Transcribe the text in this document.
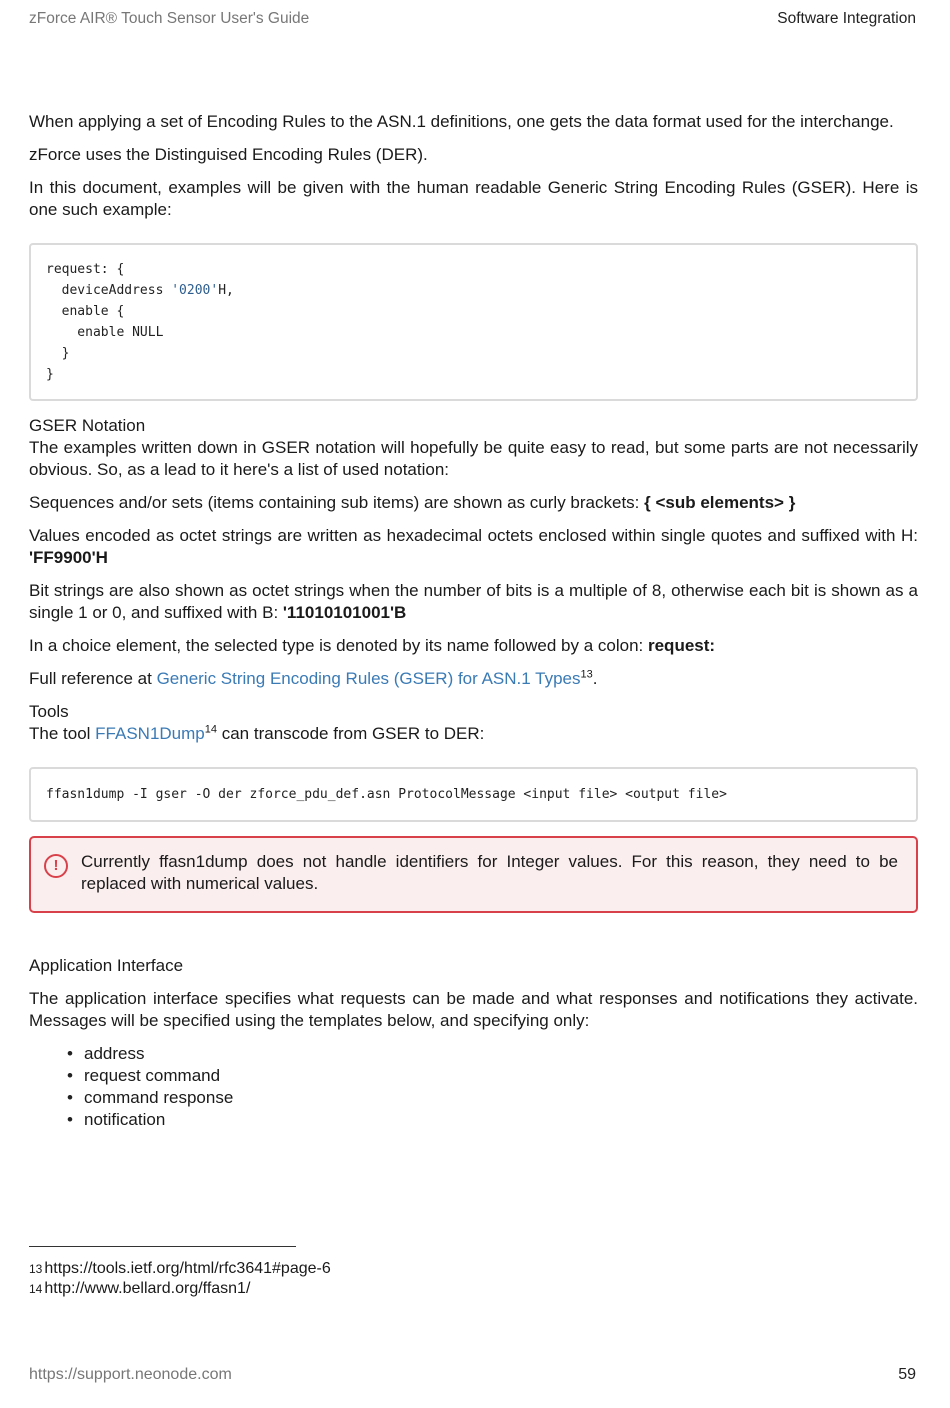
zForce AIR® Touch Sensor User's Guide	Software Integration

When applying a set of Encoding Rules to the ASN.1 definitions, one gets the data format used for the interchange.

zForce uses the Distinguised Encoding Rules (DER).

In this document, examples will be given with the human readable Generic String Encoding Rules (GSER). Here is one such example:

request: {
deviceAddress '0200'H,
enable {
enable NULL
}
}
GSER Notation

The examples written down in GSER notation will hopefully be quite easy to read, but some parts are not necessarily obvious. So, as a lead to it here's a list of used notation:

Sequences and/or sets (items containing sub items) are shown as curly brackets: { <sub elements> }

Values encoded as octet strings are written as hexadecimal octets enclosed within single quotes and suffixed with H: 'FF9900'H

Bit strings are also shown as octet strings when the number of bits is a multiple of 8, otherwise each bit is shown as a single 1 or 0, and suffixed with B: '11010101001'B

In a choice element, the selected type is denoted by its name followed by a colon: request:

Full reference at Generic String Encoding Rules (GSER) for ASN.1 Types$^{13}$.

Tools
The tool FFASN1Dump$^{14}$ can transcode from GSER to DER:
ffasn1dump -I gser -O der zforce_pdu_def.asn ProtocolMessage <input file> <output file>
!	Currently ffasn1dump does not handle identifiers for Integer values. For this reason, they need to be replaced with numerical values.

Application Interface

The application interface specifies what requests can be made and what responses and notifications they activate. Messages will be specified using the templates below, and specifying only:

• address
• request command
• command response
• notification
13 https://tools.ietf.org/html/rfc3641#page-6
14 http://www.bellard.org/ffasn1/
https://support.neonode.com	59
